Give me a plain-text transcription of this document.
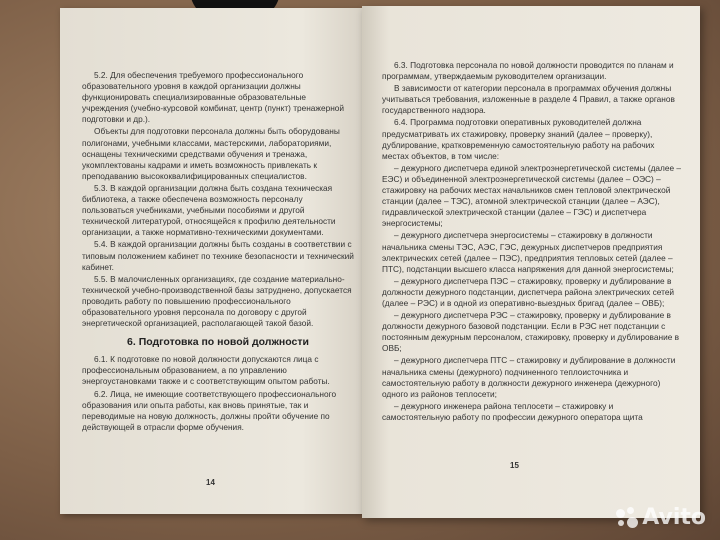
5.2. Для обеспечения требуемого профессионального образовательного уровня в каждой организации должны функционировать специализированные образовательные учреждения (учебно-курсовой комбинат, центр (пункт) тренажерной подготовки и др.).

Объекты для подготовки персонала должны быть оборудованы полигонами, учебными классами, мастерскими, лабораториями, оснащены техническими средствами обучения и тренажа, укомплектованы кадрами и иметь возможность привлекать к преподаванию высококвалифицированных специалистов.

5.3. В каждой организации должна быть создана техническая библиотека, а также обеспечена возможность персоналу пользоваться учебниками, учебными пособиями и другой технической литературой, относящейся к профилю деятельности организации, а также нормативно-техническими документами.

5.4. В каждой организации должны быть созданы в соответствии с типовым положением кабинет по технике безопасности и технический кабинет.

5.5. В малочисленных организациях, где создание материально-технической учебно-производственной базы затруднено, допускается проводить работу по повышению профессионального образовательного уровня персонала по договору с другой энергетической организацией, располагающей такой базой.

6. Подготовка по новой должности

6.1. К подготовке по новой должности допускаются лица с профессиональным образованием, а по управлению энергоустановками также и с соответствующим опытом работы.

6.2. Лица, не имеющие соответствующего профессионального образования или опыта работы, как вновь принятые, так и переводимые на новую должность, должны пройти обучение по действующей в отрасли форме обучения.

14

6.3. Подготовка персонала по новой должности проводится по планам и программам, утверждаемым руководителем организации.

В зависимости от категории персонала в программах обучения должны учитываться требования, изложенные в разделе 4 Правил, а также органов государственного надзора.

6.4. Программа подготовки оперативных руководителей должна предусматривать их стажировку, проверку знаний (далее – проверку), дублирование, кратковременную самостоятельную работу на рабочих местах объектов, в том числе:

– дежурного диспетчера единой электроэнергетической системы (далее – ЕЭС) и объединенной электроэнергетической системы (далее – ОЭС) – стажировку на рабочих местах начальников смен тепловой электрической станции (далее – ТЭС), атомной электрической станции (далее – АЭС), гидравлической электрической станции (далее – ГЭС) и диспетчера энергосистемы;

– дежурного диспетчера энергосистемы – стажировку в должности начальника смены ТЭС, АЭС, ГЭС, дежурных диспетчеров предприятия электрических сетей (далее – ПЭС), предприятия тепловых сетей (далее – ПТС), подстанции высшего класса напряжения для данной энергосистемы;

– дежурного диспетчера ПЭС – стажировку, проверку и дублирование в должности дежурного подстанции, диспетчера района электрических сетей (далее – РЭС) и в одной из оперативно-выездных бригад (далее – ОВБ);

– дежурного диспетчера РЭС – стажировку, проверку и дублирование в должности дежурного базовой подстанции. Если в РЭС нет подстанции с постоянным дежурным персоналом, стажировку, проверку и дублирование в ОВБ;

– дежурного диспетчера ПТС – стажировку и дублирование в должности начальника смены (дежурного) подчиненного теплоисточника и самостоятельную работу в должности дежурного инженера (дежурного) одного из районов теплосети;

– дежурного инженера района теплосети – стажировку и самостоятельную работу по профессии дежурного оператора щита

15
Avito
